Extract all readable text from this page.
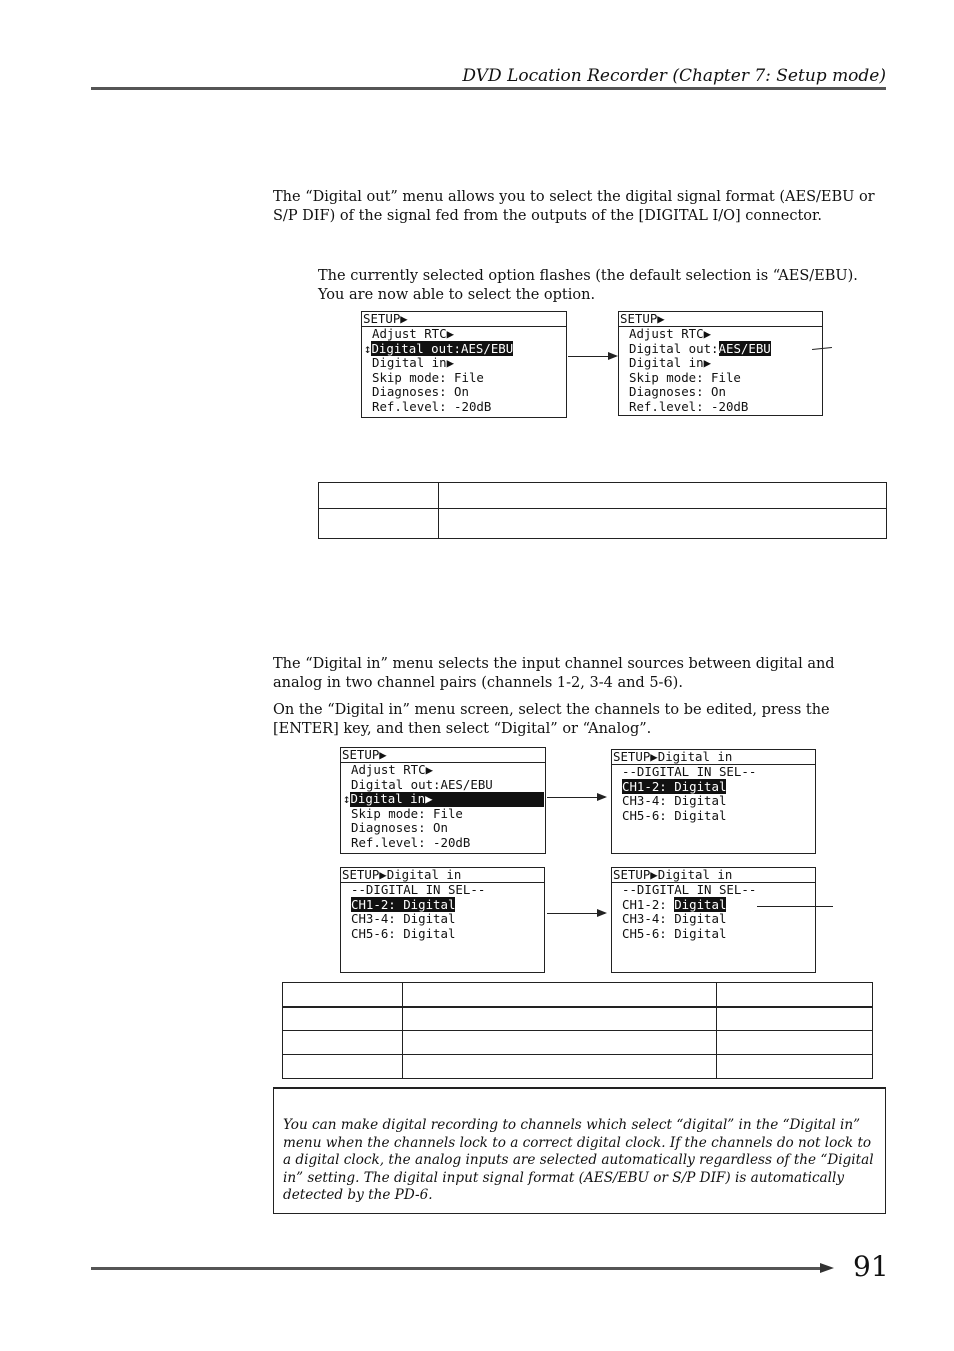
DVD Location Recorder (Chapter 7: Setup mode)
The “Digital out” menu allows you to select the digital signal format (AES/EBU or S/P DIF) of the signal fed from the outputs of the [DIGITAL I/O] connector.
The currently selected option flashes (the default selection is “AES/EBU). You are now able to select the option.
SETUP▶
Adjust RTC▶
↕Digital out:AES/EBU
Digital in▶
Skip mode: File
Diagnoses: On
Ref.level: -20dB
SETUP▶
Adjust RTC▶
Digital out:AES/EBU
Digital in▶
Skip mode: File
Diagnoses: On
Ref.level: -20dB

The “Digital in” menu selects the input channel sources between digital and analog in two channel pairs (channels 1-2, 3-4 and 5-6).
On the “Digital in” menu screen, select the channels to be edited, press the [ENTER] key, and then select “Digital” or “Analog”.
SETUP▶
Adjust RTC▶
Digital out:AES/EBU
↕Digital in▶
Skip mode: File
Diagnoses: On
Ref.level: -20dB
SETUP▶Digital in
--DIGITAL IN SEL--
CH1-2: Digital
CH3-4: Digital
CH5-6: Digital
SETUP▶Digital in
--DIGITAL IN SEL--
CH1-2: Digital
CH3-4: Digital
CH5-6: Digital
SETUP▶Digital in
--DIGITAL IN SEL--
CH1-2: Digital
CH3-4: Digital
CH5-6: Digital

You can make digital recording to channels which select “digital” in the “Digital in” menu when the channels lock to a correct digital clock. If the channels do not lock to a digital clock, the analog inputs are selected automatically regardless of the “Digital in” setting. The digital input signal format (AES/EBU or S/P DIF) is automatically detected by the PD-6.

91
